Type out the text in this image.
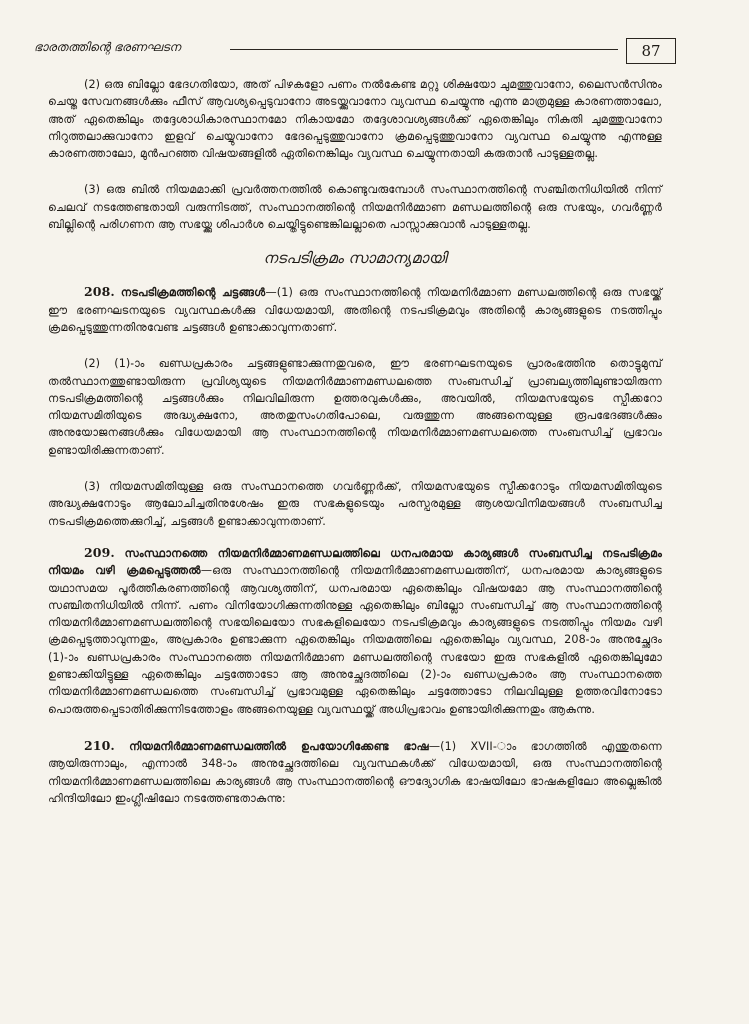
ഭാരതത്തിന്റെ ഭരണഘടന	87

(2) ഒരു ബില്ലോ ഭേദഗതിയോ, അത് പിഴകളോ പണം നൽകേണ്ട മറ്റു ശിക്ഷയോ ചുമത്തുവാനോ, ലൈസൻസിനും ചെയ്ത സേവനങ്ങൾക്കും ഫീസ് ആവശ്യപ്പെടുവാനോ അടയ്ക്കുവാനോ വ്യവസ്ഥ ചെയ്യുന്നു എന്നു മാത്രമുള്ള കാരണത്താലോ, അത് ഏതെങ്കിലും തദ്ദേശാധികാരസ്ഥാനമോ നികായമോ തദ്ദേശാവശ്യങ്ങൾക്ക് ഏതെങ്കിലും നികുതി ചുമത്തുവാനോ നിറുത്തലാക്കുവാനോ ഇളവ് ചെയ്യുവാനോ ഭേദപ്പെടുത്തുവാനോ ക്രമപ്പെടുത്തുവാനോ വ്യവസ്ഥ ചെയ്യുന്നു എന്നുള്ള കാരണത്താലോ, മുൻപറഞ്ഞ വിഷയങ്ങളിൽ ഏതിനെങ്കിലും വ്യവസ്ഥ ചെയ്യുന്നതായി കരുതാൻ പാടുള്ളതല്ല.

(3) ഒരു ബിൽ നിയമമാക്കി പ്രവർത്തനത്തിൽ കൊണ്ടുവരുമ്പോൾ സംസ്ഥാനത്തിന്റെ സഞ്ചിതനിധിയിൽ നിന്ന് ചെലവ് നടത്തേണ്ടതായി വരുന്നിടത്ത്, സംസ്ഥാനത്തിന്റെ നിയമനിർമ്മാണ മണ്ഡലത്തിന്റെ ഒരു സഭയും, ഗവർണ്ണർ ബില്ലിന്റെ പരിഗണന ആ സഭയ്ക്കു ശിപാർശ ചെയ്തിട്ടുണ്ടെങ്കിലല്ലാതെ പാസ്സാക്കുവാൻ പാടുള്ളതല്ല.

നടപടിക്രമം സാമാന്യമായി

208. നടപടിക്രമത്തിന്റെ ചട്ടങ്ങൾ—(1) ഒരു സംസ്ഥാനത്തിന്റെ നിയമനിർമ്മാണ മണ്ഡലത്തിന്റെ ഒരു സഭയ്ക്ക് ഈ ഭരണഘടനയുടെ വ്യവസ്ഥകൾക്കു വിധേയമായി, അതിന്റെ നടപടിക്രമവും അതിന്റെ കാര്യങ്ങളുടെ നടത്തിപ്പും ക്രമപ്പെടുത്തുന്നതിനുവേണ്ട ചട്ടങ്ങൾ ഉണ്ടാക്കാവുന്നതാണ്.

(2) (1)-ാം ഖണ്ഡപ്രകാരം ചട്ടങ്ങളുണ്ടാക്കുന്നതുവരെ, ഈ ഭരണഘടനയുടെ പ്രാരംഭത്തിനു തൊട്ടുമുമ്പ് തൽസ്ഥാനത്തുണ്ടായിരുന്ന പ്രവിശ്യയുടെ നിയമനിർമ്മാണമണ്ഡലത്തെ സംബന്ധിച്ച് പ്രാബല്യത്തിലുണ്ടായിരുന്ന നടപടിക്രമത്തിന്റെ ചട്ടങ്ങൾക്കും നിലവിലിരുന്ന ഉത്തരവുകൾക്കും, അവയിൽ, നിയമസഭയുടെ സ്പീക്കറോ നിയമസമിതിയുടെ അദ്ധ്യക്ഷനോ, അതതുസംഗതിപോലെ, വരുത്തുന്ന അങ്ങനെയുള്ള രൂപഭേദങ്ങൾക്കും അനുയോജനങ്ങൾക്കും വിധേയമായി ആ സംസ്ഥാനത്തിന്റെ നിയമനിർമ്മാണമണ്ഡലത്തെ സംബന്ധിച്ച് പ്രഭാവം ഉണ്ടായിരിക്കുന്നതാണ്.

(3) നിയമസമിതിയുള്ള ഒരു സംസ്ഥാനത്തെ ഗവർണ്ണർക്ക്, നിയമസഭയുടെ സ്പീക്കറോടും നിയമസമിതിയുടെ അദ്ധ്യക്ഷനോടും ആലോചിച്ചതിനുശേഷം ഇരു സഭകളുടെയും പരസ്പരമുള്ള ആശയവിനിമയങ്ങൾ സംബന്ധിച്ച നടപടിക്രമത്തെക്കുറിച്ച്, ചട്ടങ്ങൾ ഉണ്ടാക്കാവുന്നതാണ്.

209. സംസ്ഥാനത്തെ നിയമനിർമ്മാണമണ്ഡലത്തിലെ ധനപരമായ കാര്യങ്ങൾ സംബന്ധിച്ച നടപടിക്രമം നിയമം വഴി ക്രമപ്പെടുത്തൽ—ഒരു സംസ്ഥാനത്തിന്റെ നിയമനിർമ്മാണമണ്ഡലത്തിന്, ധനപരമായ കാര്യങ്ങളുടെ യഥാസമയ പൂർത്തീകരണത്തിന്റെ ആവശ്യത്തിന്, ധനപരമായ ഏതെങ്കിലും വിഷയമോ ആ സംസ്ഥാനത്തിന്റെ സഞ്ചിതനിധിയിൽ നിന്ന്. പണം വിനിയോഗിക്കുന്നതിനുള്ള ഏതെങ്കിലും ബില്ലോ സംബന്ധിച്ച് ആ സംസ്ഥാനത്തിന്റെ നിയമനിർമ്മാണമണ്ഡലത്തിന്റെ സഭയിലെയോ സഭകളിലെയോ നടപടിക്രമവും കാര്യങ്ങളുടെ നടത്തിപ്പും നിയമം വഴി ക്രമപ്പെടുത്താവുന്നതും, അപ്രകാരം ഉണ്ടാക്കുന്ന ഏതെങ്കിലും നിയമത്തിലെ ഏതെങ്കിലും വ്യവസ്ഥ, 208-ാം അനുച്ഛേദം (1)-ാം ഖണ്ഡപ്രകാരം സംസ്ഥാനത്തെ നിയമനിർമ്മാണ മണ്ഡലത്തിന്റെ സഭയോ ഇരു സഭകളിൽ ഏതെങ്കിലുമോ ഉണ്ടാക്കിയിട്ടുള്ള ഏതെങ്കിലും ചട്ടത്തോടോ ആ അനുച്ഛേദത്തിലെ (2)-ാം ഖണ്ഡപ്രകാരം ആ സംസ്ഥാനത്തെ നിയമനിർമ്മാണമണ്ഡലത്തെ സംബന്ധിച്ച് പ്രഭാവമുള്ള ഏതെങ്കിലും ചട്ടത്തോടോ നിലവിലുള്ള ഉത്തരവിനോടോ പൊരുത്തപ്പെടാതിരിക്കുന്നിടത്തോളം അങ്ങനെയുള്ള വ്യവസ്ഥയ്ക്ക് അധിപ്രഭാവം ഉണ്ടായിരിക്കുന്നതും ആകുന്നു.

210. നിയമനിർമ്മാണമണ്ഡലത്തിൽ ഉപയോഗിക്കേണ്ട ഭാഷ—(1) XVII-ാം ഭാഗത്തിൽ എന്തുതന്നെ ആയിരുന്നാലും, എന്നാൽ 348-ാം അനുച്ഛേദത്തിലെ വ്യവസ്ഥകൾക്ക് വിധേയമായി, ഒരു സംസ്ഥാനത്തിന്റെ നിയമനിർമ്മാണമണ്ഡലത്തിലെ കാര്യങ്ങൾ ആ സംസ്ഥാനത്തിന്റെ ഔദ്യോഗിക ഭാഷയിലോ ഭാഷകളിലോ അല്ലെങ്കിൽ ഹിന്ദിയിലോ ഇംഗ്ലീഷിലോ നടത്തേണ്ടതാകുന്നു:
